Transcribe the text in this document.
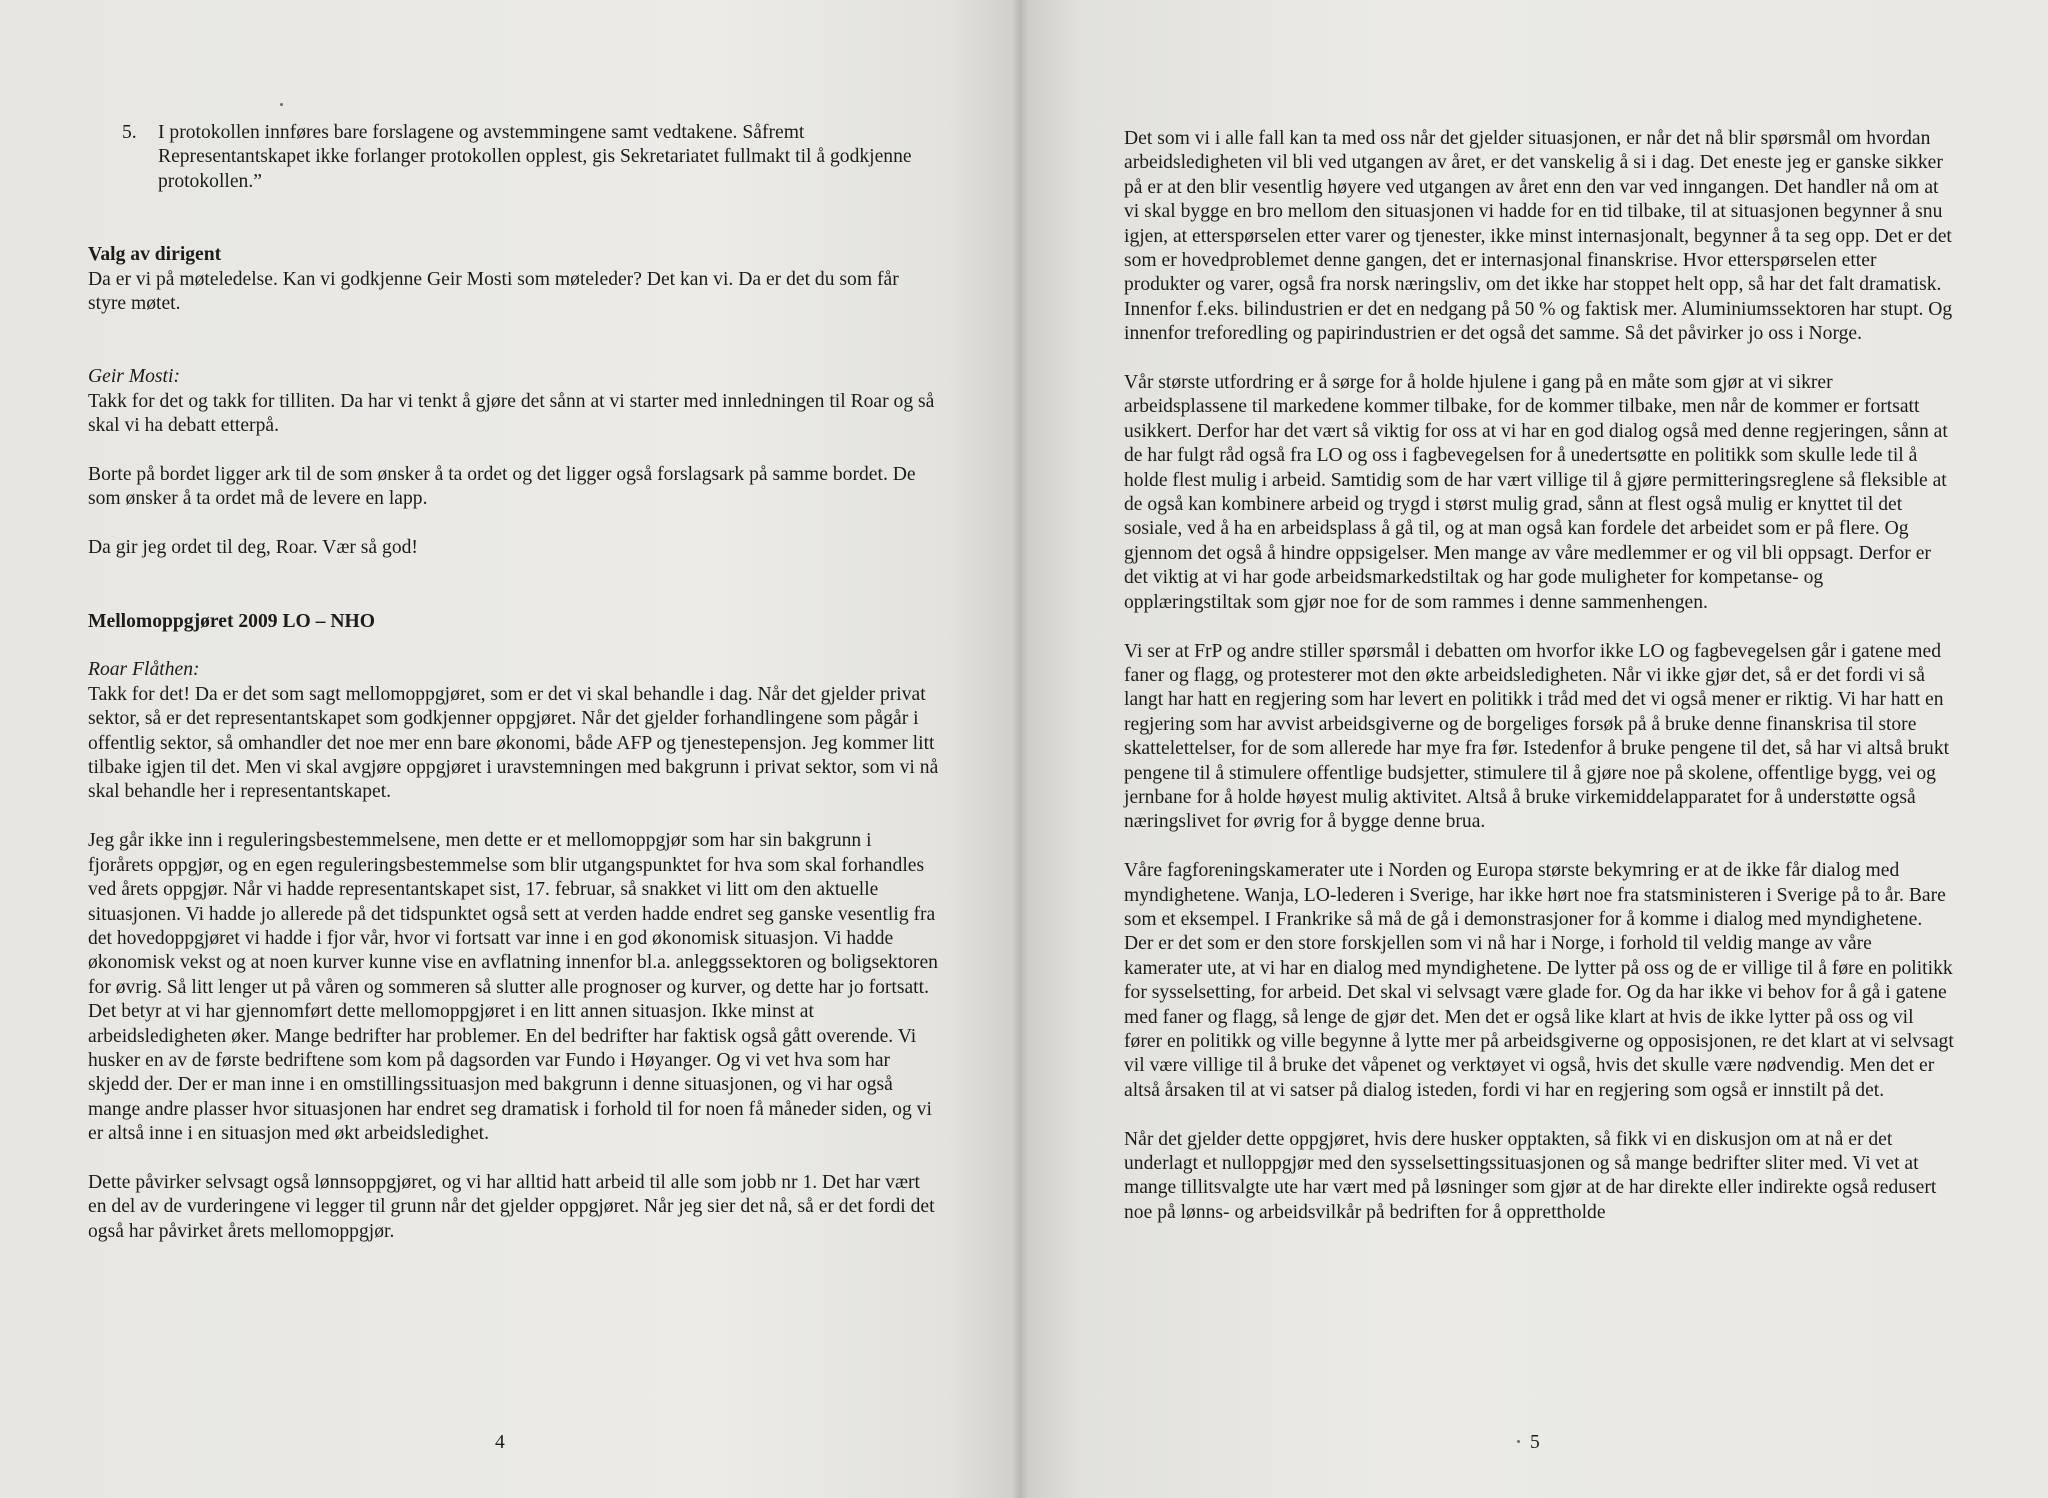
5.	I protokollen innføres bare forslagene og avstemmingene samt vedtakene. Såfremt Representantskapet ikke forlanger protokollen opplest, gis Sekretariatet fullmakt til å godkjenne protokollen.”
Valg av dirigent

Da er vi på møteledelse. Kan vi godkjenne Geir Mosti som møteleder? Det kan vi. Da er det du som får styre møtet.

Geir Mosti:

Takk for det og takk for tilliten. Da har vi tenkt å gjøre det sånn at vi starter med innledningen til Roar og så skal vi ha debatt etterpå.

Borte på bordet ligger ark til de som ønsker å ta ordet og det ligger også forslagsark på samme bordet. De som ønsker å ta ordet må de levere en lapp.

Da gir jeg ordet til deg, Roar. Vær så god!

Mellomoppgjøret 2009 LO – NHO

Roar Flåthen:

Takk for det! Da er det som sagt mellomoppgjøret, som er det vi skal behandle i dag. Når det gjelder privat sektor, så er det representantskapet som godkjenner oppgjøret. Når det gjelder forhandlingene som pågår i offentlig sektor, så omhandler det noe mer enn bare økonomi, både AFP og tjenestepensjon. Jeg kommer litt tilbake igjen til det. Men vi skal avgjøre oppgjøret i uravstemningen med bakgrunn i privat sektor, som vi nå skal behandle her i representantskapet.

Jeg går ikke inn i reguleringsbestemmelsene, men dette er et mellomoppgjør som har sin bakgrunn i fjorårets oppgjør, og en egen reguleringsbestemmelse som blir utgangspunktet for hva som skal forhandles ved årets oppgjør. Når vi hadde representantskapet sist, 17. februar, så snakket vi litt om den aktuelle situasjonen. Vi hadde jo allerede på det tidspunktet også sett at verden hadde endret seg ganske vesentlig fra det hovedoppgjøret vi hadde i fjor vår, hvor vi fortsatt var inne i en god økonomisk situasjon. Vi hadde økonomisk vekst og at noen kurver kunne vise en avflatning innenfor bl.a. anleggssektoren og boligsektoren for øvrig. Så litt lenger ut på våren og sommeren så slutter alle prognoser og kurver, og dette har jo fortsatt. Det betyr at vi har gjennomført dette mellomoppgjøret i en litt annen situasjon. Ikke minst at arbeidsledigheten øker. Mange bedrifter har problemer. En del bedrifter har faktisk også gått overende. Vi husker en av de første bedriftene som kom på dagsorden var Fundo i Høyanger. Og vi vet hva som har skjedd der. Der er man inne i en omstillingssituasjon med bakgrunn i denne situasjonen, og vi har også mange andre plasser hvor situasjonen har endret seg dramatisk i forhold til for noen få måneder siden, og vi er altså inne i en situasjon med økt arbeidsledighet.

Dette påvirker selvsagt også lønnsoppgjøret, og vi har alltid hatt arbeid til alle som jobb nr 1. Det har vært en del av de vurderingene vi legger til grunn når det gjelder oppgjøret. Når jeg sier det nå, så er det fordi det også har påvirket årets mellomoppgjør.

4

Det som vi i alle fall kan ta med oss når det gjelder situasjonen, er når det nå blir spørsmål om hvordan arbeidsledigheten vil bli ved utgangen av året, er det vanskelig å si i dag. Det eneste jeg er ganske sikker på er at den blir vesentlig høyere ved utgangen av året enn den var ved inngangen. Det handler nå om at vi skal bygge en bro mellom den situasjonen vi hadde for en tid tilbake, til at situasjonen begynner å snu igjen, at etterspørselen etter varer og tjenester, ikke minst internasjonalt, begynner å ta seg opp. Det er det som er hovedproblemet denne gangen, det er internasjonal finanskrise. Hvor etterspørselen etter produkter og varer, også fra norsk næringsliv, om det ikke har stoppet helt opp, så har det falt dramatisk. Innenfor f.eks. bilindustrien er det en nedgang på 50 % og faktisk mer. Aluminiumssektoren har stupt. Og innenfor treforedling og papirindustrien er det også det samme. Så det påvirker jo oss i Norge.

Vår største utfordring er å sørge for å holde hjulene i gang på en måte som gjør at vi sikrer arbeidsplassene til markedene kommer tilbake, for de kommer tilbake, men når de kommer er fortsatt usikkert. Derfor har det vært så viktig for oss at vi har en god dialog også med denne regjeringen, sånn at de har fulgt råd også fra LO og oss i fagbevegelsen for å unedertsøtte en politikk som skulle lede til å holde flest mulig i arbeid. Samtidig som de har vært villige til å gjøre permitteringsreglene så fleksible at de også kan kombinere arbeid og trygd i størst mulig grad, sånn at flest også mulig er knyttet til det sosiale, ved å ha en arbeidsplass å gå til, og at man også kan fordele det arbeidet som er på flere. Og gjennom det også å hindre oppsigelser. Men mange av våre medlemmer er og vil bli oppsagt. Derfor er det viktig at vi har gode arbeidsmarkedstiltak og har gode muligheter for kompetanse- og opplæringstiltak som gjør noe for de som rammes i denne sammenhengen.

Vi ser at FrP og andre stiller spørsmål i debatten om hvorfor ikke LO og fagbevegelsen går i gatene med faner og flagg, og protesterer mot den økte arbeidsledigheten. Når vi ikke gjør det, så er det fordi vi så langt har hatt en regjering som har levert en politikk i tråd med det vi også mener er riktig. Vi har hatt en regjering som har avvist arbeidsgiverne og de borgeliges forsøk på å bruke denne finanskrisa til store skattelettelser, for de som allerede har mye fra før. Istedenfor å bruke pengene til det, så har vi altså brukt pengene til å stimulere offentlige budsjetter, stimulere til å gjøre noe på skolene, offentlige bygg, vei og jernbane for å holde høyest mulig aktivitet. Altså å bruke virkemiddelapparatet for å understøtte også næringslivet for øvrig for å bygge denne brua.

Våre fagforeningskamerater ute i Norden og Europa største bekymring er at de ikke får dialog med myndighetene. Wanja, LO-lederen i Sverige, har ikke hørt noe fra statsministeren i Sverige på to år. Bare som et eksempel. I Frankrike så må de gå i demonstrasjoner for å komme i dialog med myndighetene. Der er det som er den store forskjellen som vi nå har i Norge, i forhold til veldig mange av våre kamerater ute, at vi har en dialog med myndighetene. De lytter på oss og de er villige til å føre en politikk for sysselsetting, for arbeid. Det skal vi selvsagt være glade for. Og da har ikke vi behov for å gå i gatene med faner og flagg, så lenge de gjør det. Men det er også like klart at hvis de ikke lytter på oss og vil fører en politikk og ville begynne å lytte mer på arbeidsgiverne og opposisjonen, re det klart at vi selvsagt vil være villige til å bruke det våpenet og verktøyet vi også, hvis det skulle være nødvendig. Men det er altså årsaken til at vi satser på dialog isteden, fordi vi har en regjering som også er innstilt på det.

Når det gjelder dette oppgjøret, hvis dere husker opptakten, så fikk vi en diskusjon om at nå er det underlagt et nulloppgjør med den sysselsettingssituasjonen og så mange bedrifter sliter med. Vi vet at mange tillitsvalgte ute har vært med på løsninger som gjør at de har direkte eller indirekte også redusert noe på lønns- og arbeidsvilkår på bedriften for å opprettholde

5
